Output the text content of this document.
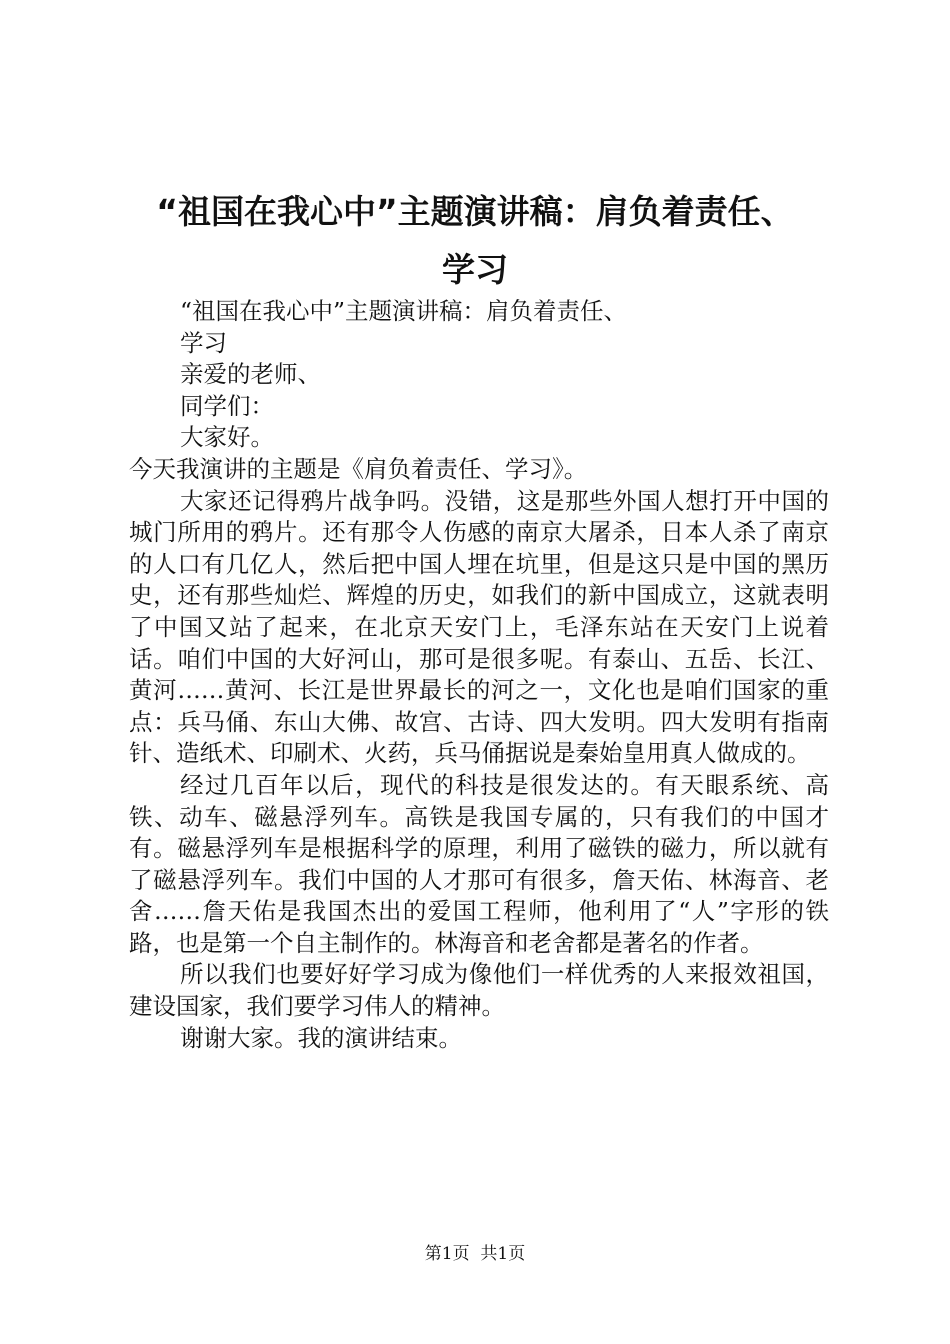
“祖国在我心中”主题演讲稿：肩负着责任、
学习

“祖国在我心中”主题演讲稿：肩负着责任、

学习

亲爱的老师、

同学们：

大家好。

今天我演讲的主题是《肩负着责任、学习》。

大家还记得鸦片战争吗。没错，这是那些外国人想打开中国的城门所用的鸦片。还有那令人伤感的南京大屠杀，日本人杀了南京的人口有几亿人，然后把中国人埋在坑里，但是这只是中国的黑历史，还有那些灿烂、辉煌的历史，如我们的新中国成立，这就表明了中国又站了起来，在北京天安门上，毛泽东站在天安门上说着话。咱们中国的大好河山，那可是很多呢。有泰山、五岳、长江、黄河……黄河、长江是世界最长的河之一，文化也是咱们国家的重点：兵马俑、东山大佛、故宫、古诗、四大发明。四大发明有指南针、造纸术、印刷术、火药，兵马俑据说是秦始皇用真人做成的。

经过几百年以后，现代的科技是很发达的。有天眼系统、高铁、动车、磁悬浮列车。高铁是我国专属的，只有我们的中国才有。磁悬浮列车是根据科学的原理，利用了磁铁的磁力，所以就有了磁悬浮列车。我们中国的人才那可有很多，詹天佑、林海音、老舍……詹天佑是我国杰出的爱国工程师，他利用了“人”字形的铁路，也是第一个自主制作的。林海音和老舍都是著名的作者。

所以我们也要好好学习成为像他们一样优秀的人来报效祖国，建设国家，我们要学习伟人的精神。

谢谢大家。我的演讲结束。

第1页  共1页
